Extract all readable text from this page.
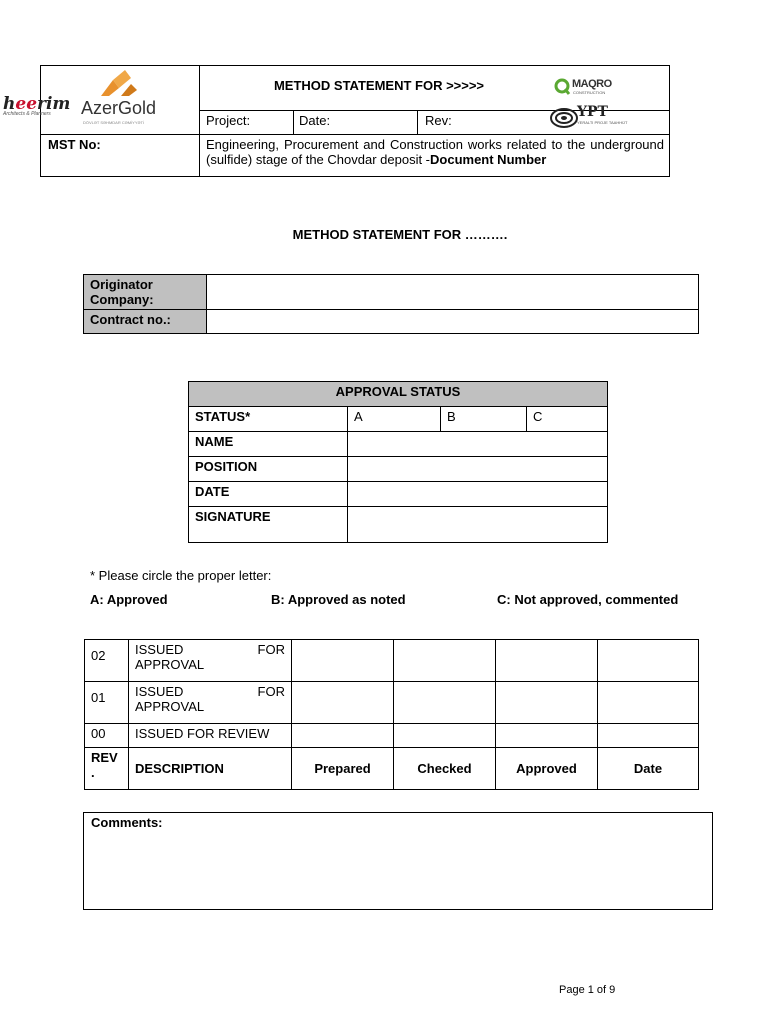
heerim
Architects & Planners AzerGold
DÖVLƏT SƏHMDAR CƏMİYYƏTİ
METHOD STATEMENT FOR >>>>>	MAQRO
CONSTRUCTION
YPT
YERALTI PROJE TAAHHÜT
Project:	Date:	Rev:
MST No:	Engineering, Procurement and Construction works related to the underground (sulfide) stage of the Chovdar deposit -Document Number
METHOD STATEMENT FOR ……….
Originator Company:	
Contract no.:	
APPROVAL STATUS			
STATUS*	A	B	C
NAME			
POSITION			
DATE			
SIGNATURE			
* Please circle the proper letter:
A: Approved	B: Approved as noted	C: Not approved, commented
02	ISSUED FOR
APPROVAL				

01	ISSUED FOR
APPROVAL				

00	ISSUED FOR REVIEW				
REV .	DESCRIPTION	Prepared	Checked	Approved	Date
Comments:
Page 1 of 9
